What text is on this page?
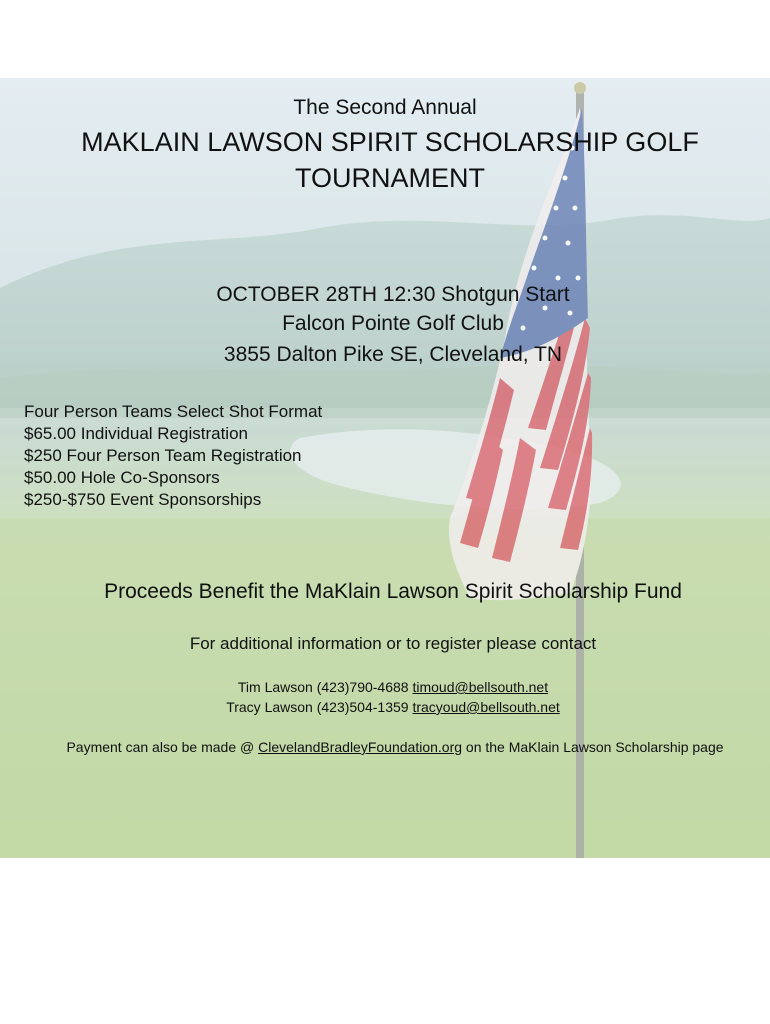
The Second Annual
MAKLAIN LAWSON SPIRIT SCHOLARSHIP GOLF TOURNAMENT
OCTOBER 28TH 12:30 Shotgun Start
Falcon Pointe Golf Club
3855 Dalton Pike SE, Cleveland, TN
Four Person Teams Select Shot Format
$65.00 Individual Registration
$250 Four Person Team Registration
$50.00 Hole Co-Sponsors
$250-$750 Event Sponsorships
Proceeds Benefit the MaKlain Lawson Spirit Scholarship Fund
For additional information or to register please contact
Tim Lawson (423)790-4688 timoud@bellsouth.net
Tracy Lawson (423)504-1359 tracyoud@bellsouth.net
Payment can also be made @ ClevelandBradleyFoundation.org on the MaKlain Lawson Scholarship page
